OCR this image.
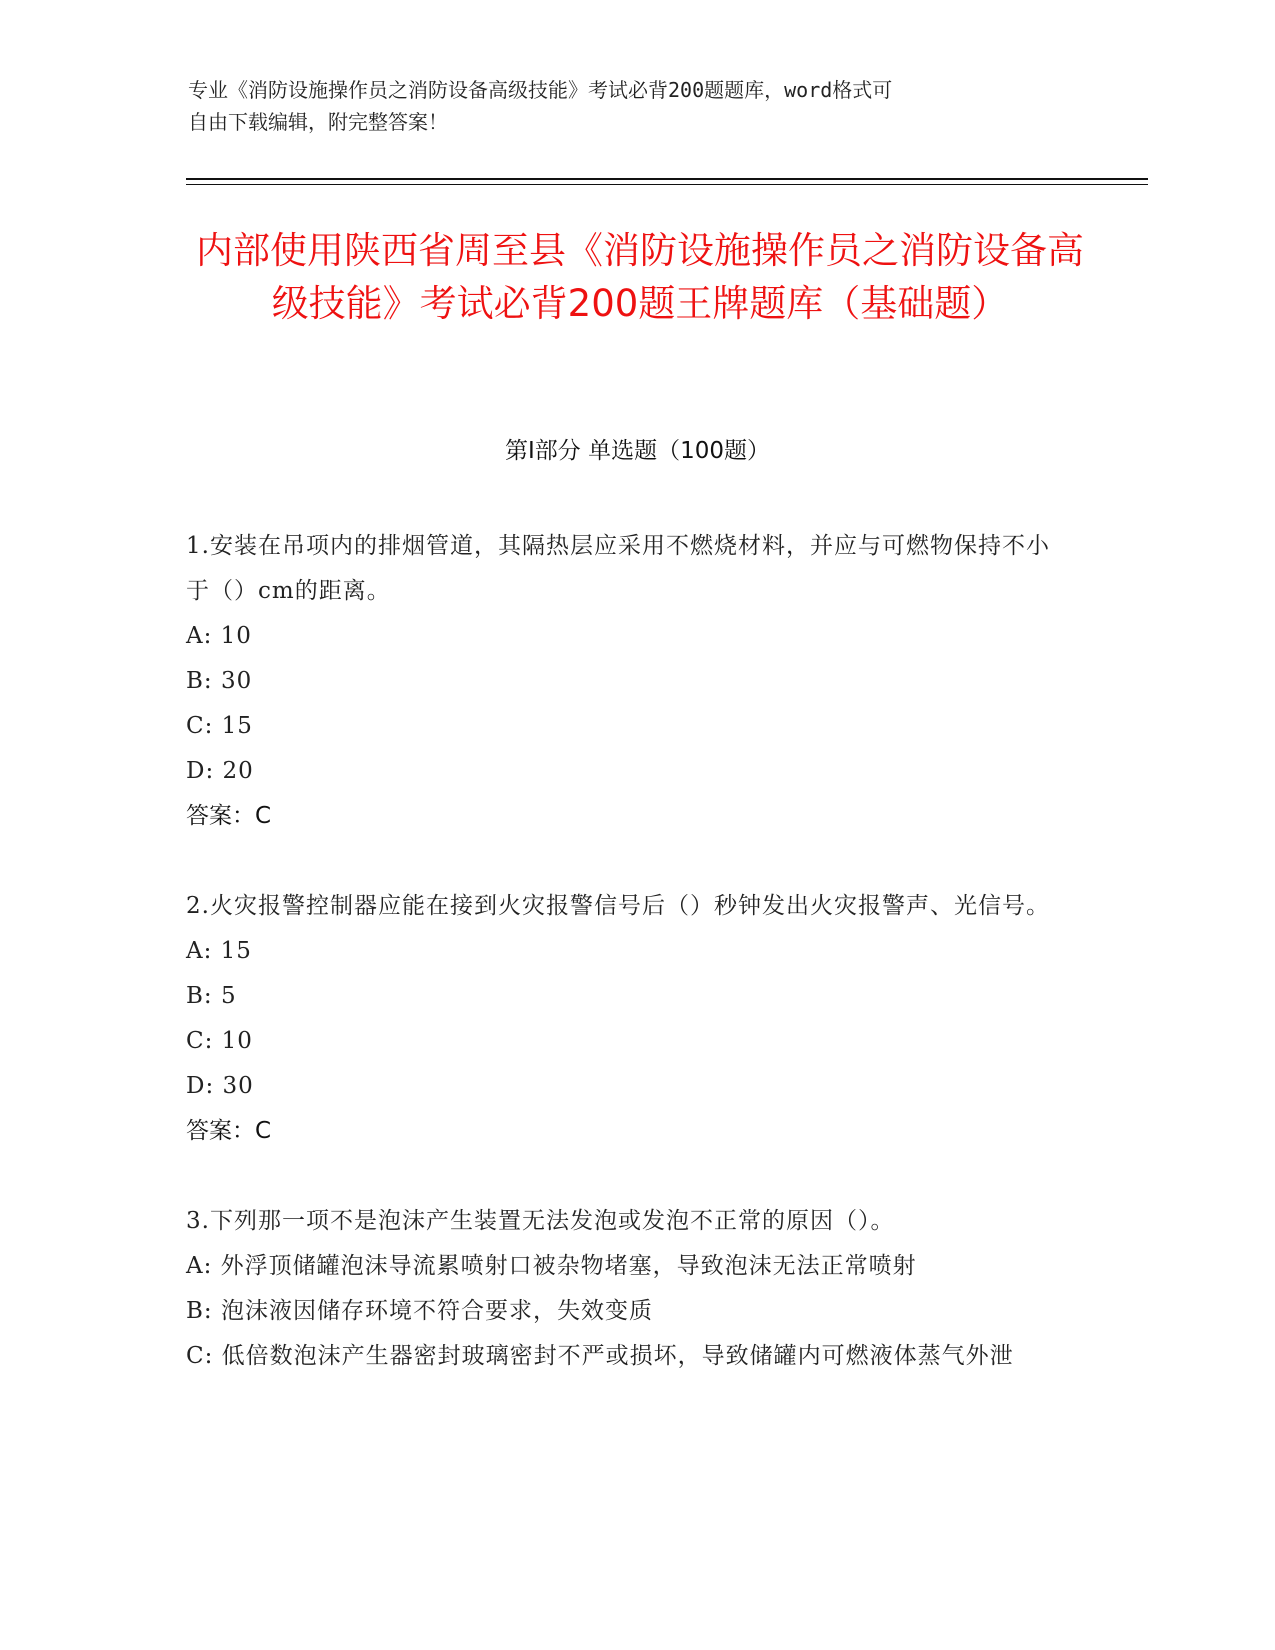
专业《消防设施操作员之消防设备高级技能》考试必背200题题库，word格式可
自由下载编辑，附完整答案！
内部使用陕西省周至县《消防设施操作员之消防设备高级技能》考试必背200题王牌题库（基础题）
第Ⅰ部分 单选题（100题）

1.安装在吊项内的排烟管道，其隔热层应采用不燃烧材料，并应与可燃物保持不小于（）cm的距离。

A: 10

B: 30

C: 15

D: 20

答案：C

2.火灾报警控制器应能在接到火灾报警信号后（）秒钟发出火灾报警声、光信号。

A: 15

B: 5

C: 10

D: 30

答案：C

3.下列那一项不是泡沫产生装置无法发泡或发泡不正常的原因（）。

A: 外浮顶储罐泡沫导流累喷射口被杂物堵塞，导致泡沫无法正常喷射

B: 泡沫液因储存环境不符合要求，失效变质

C: 低倍数泡沫产生器密封玻璃密封不严或损坏，导致储罐内可燃液体蒸气外泄
